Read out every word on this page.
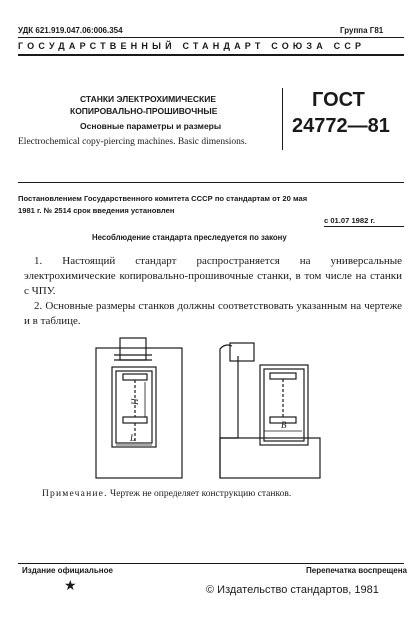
УДК 621.919.047.06:006.354	Группа Г81
ГОСУДАРСТВЕННЫЙ СТАНДАРТ СОЮЗА ССР
СТАНКИ ЭЛЕКТРОХИМИЧЕСКИЕ
КОПИРОВАЛЬНО-ПРОШИВОЧНЫЕ
Основные параметры и размеры
Electrochemical copy-piercing machines. Basic dimensions.
ГОСТ
24772—81
Постановлением Государственного комитета СССР по стандартам от 20 мая
1981 г. № 2514 срок введения установлен
с 01.07 1982 г.
Несоблюдение стандарта преследуется по закону

1. Настоящий стандарт распространяется на универсальные электрохимические копировально-прошивочные станки, в том числе на станки с ЧПУ.

2. Основные размеры станков должны соответствовать указанным на чертеже и в таблице.

H
L
B
Примечание. Чертеж не определяет конструкцию станков.
Издание официальное	Перепечатка воспрещена
★	© Издательство стандартов, 1981
